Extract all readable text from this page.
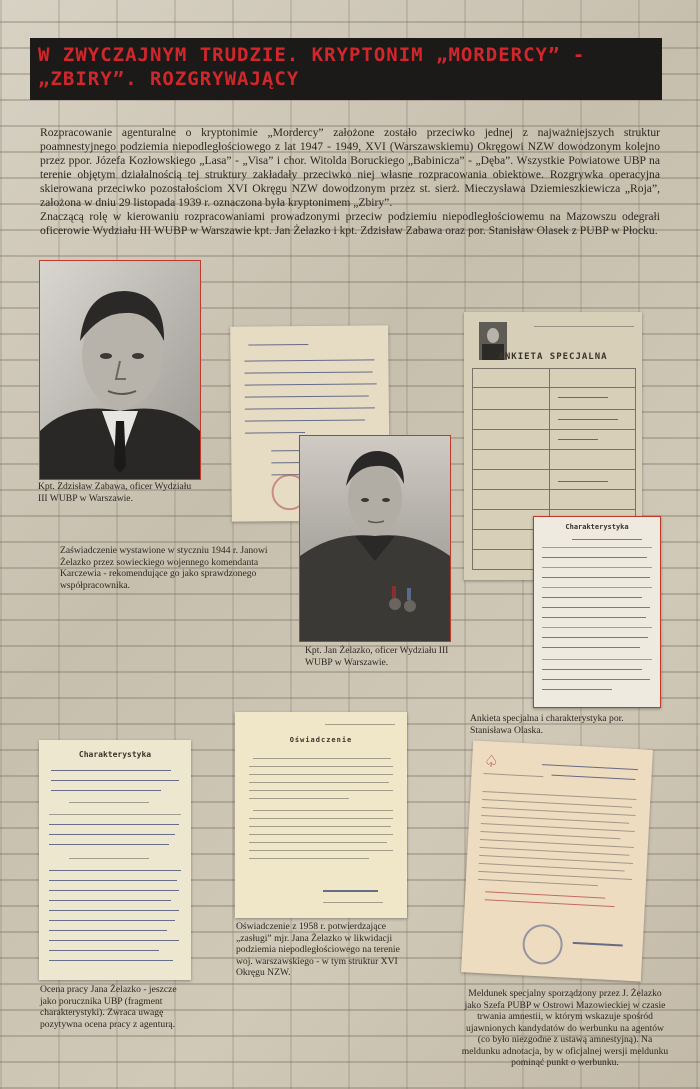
W ZWYCZAJNYM TRUDZIE. KRYPTONIM „MORDERCY” - „ZBIRY”. ROZGRYWAJĄCY

Rozpracowanie agenturalne o kryptonimie „Mordercy” założone zostało przeciwko jednej z najważniejszych struktur poamnestyjnego podziemia niepodległościowego z lat 1947 - 1949, XVI (Warszawskiemu) Okręgowi NZW dowodzonym kolejno przez ppor. Józefa Kozłowskiego „Lasa” - „Visa” i chor. Witolda Boruckiego „Babinicza” - „Dęba”. Wszystkie Powiatowe UBP na terenie objętym działalnością tej struktury zakładały przeciwko niej własne rozpracowania obiektowe. Rozgrywka operacyjna skierowana przeciwko pozostałościom XVI Okręgu NZW dowodzonym przez st. sierż. Mieczysława Dziemieszkiewicza „Roja”, założona w dniu 29 listopada 1939 r. oznaczona była kryptonimem „Zbiry”.

Znaczącą rolę w kierowaniu rozpracowaniami prowadzonymi przeciw podziemiu niepodległościowemu na Mazowszu odegrałi oficerowie Wydziału III WUBP w Warszawie kpt. Jan Żelazko i kpt. Zdzisław Zabawa oraz por. Stanisław Olasek z PUBP w Płocku.

Kpt. Zdzisław Zabawa, oficer Wydziału III WUBP w Warszawie.
Zaświadczenie wystawione w styczniu 1944 r. Janowi Żelazko przez sowieckiego wojennego komendanta Karczewia - rekomendujące go jako sprawdzonego współpracownika.
Kpt. Jan Żelazko, oficer Wydziału III WUBP w Warszawie.
ANKIETA SPECJALNA
Charakterystyka
Ankieta specjalna i charakterystyka por. Stanisława Olaska.
Charakterystyka
Ocena pracy Jana Żelazko - jeszcze jako porucznika UBP (fragment charakterystyki). Zwraca uwagę pozytywna ocena pracy z agenturą.
Oświadczenie
Oświadczenie z 1958 r. potwierdzające „zasługi” mjr. Jana Żelazko w likwidacji podziemia niepodległościowego na terenie woj. warszawskiego - w tym struktur XVI Okręgu NZW.
♤
Meldunek specjalny sporządzony przez J. Żelazko jako Szefa PUBP w Ostrowi Mazowieckiej w czasie trwania amnestii, w którym wskazuje spośród ujawnionych kandydatów do werbunku na agentów (co było niezgodne z ustawą amnestyjną). Na meldunku adnotacja, by w oficjalnej wersji meldunku pominąć punkt o werbunku.
